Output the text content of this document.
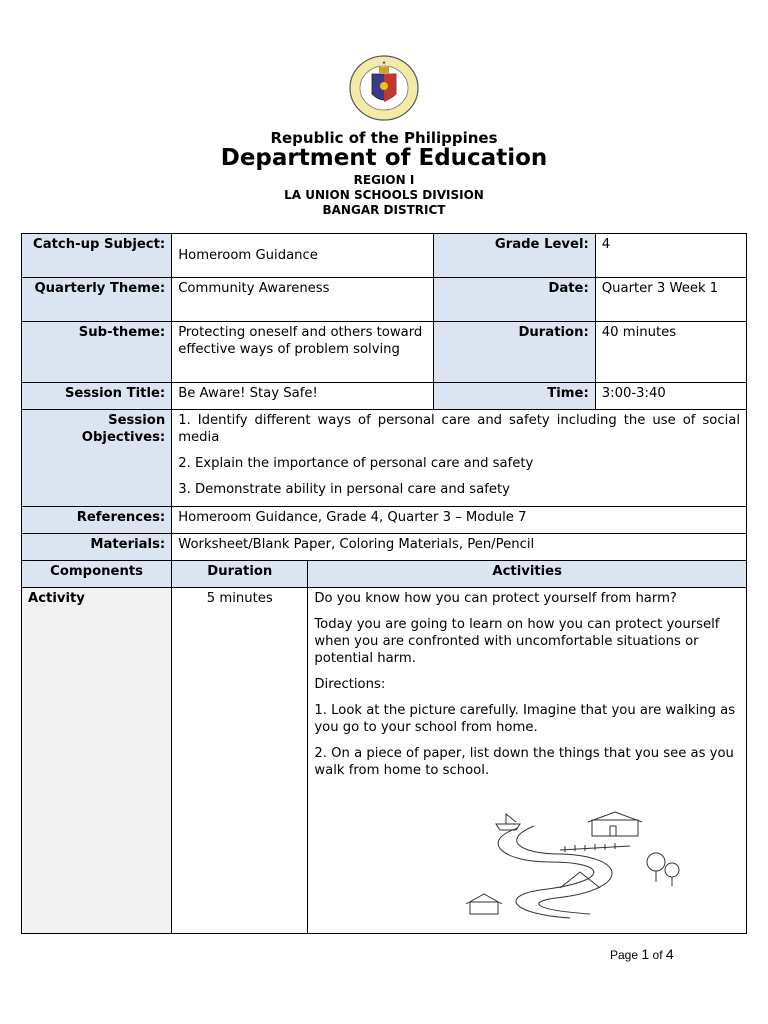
★
Republic of the Philippines
Department of Education
REGION I
LA UNION SCHOOLS DIVISION
BANGAR DISTRICT
Catch-up Subject:	Homeroom Guidance		Grade Level:	4
Quarterly Theme:	Community Awareness		Date:	Quarter 3 Week 1
Sub-theme:	Protecting oneself and others toward effective ways of problem solving		Duration:	40 minutes
Session Title:	Be Aware! Stay Safe!		Time:	3:00-3:40
Session Objectives:	1. Identify different ways of personal care and safety including the use of social media

2. Explain the importance of personal care and safety

3. Demonstrate ability in personal care and safety			

References:	Homeroom Guidance, Grade 4, Quarter 3 – Module 7			
Materials:	Worksheet/Blank Paper, Coloring Materials, Pen/Pencil			
Components	Duration	Activities		
Activity	5 minutes	Do you know how you can protect yourself from harm?

Today you are going to learn on how you can protect yourself when you are confronted with uncomfortable situations or potential harm.

Directions:

1. Look at the picture carefully. Imagine that you are walking as you go to your school from home.

2. On a piece of paper, list down the things that you see as you walk from home to school.		

Page 1 of 4
